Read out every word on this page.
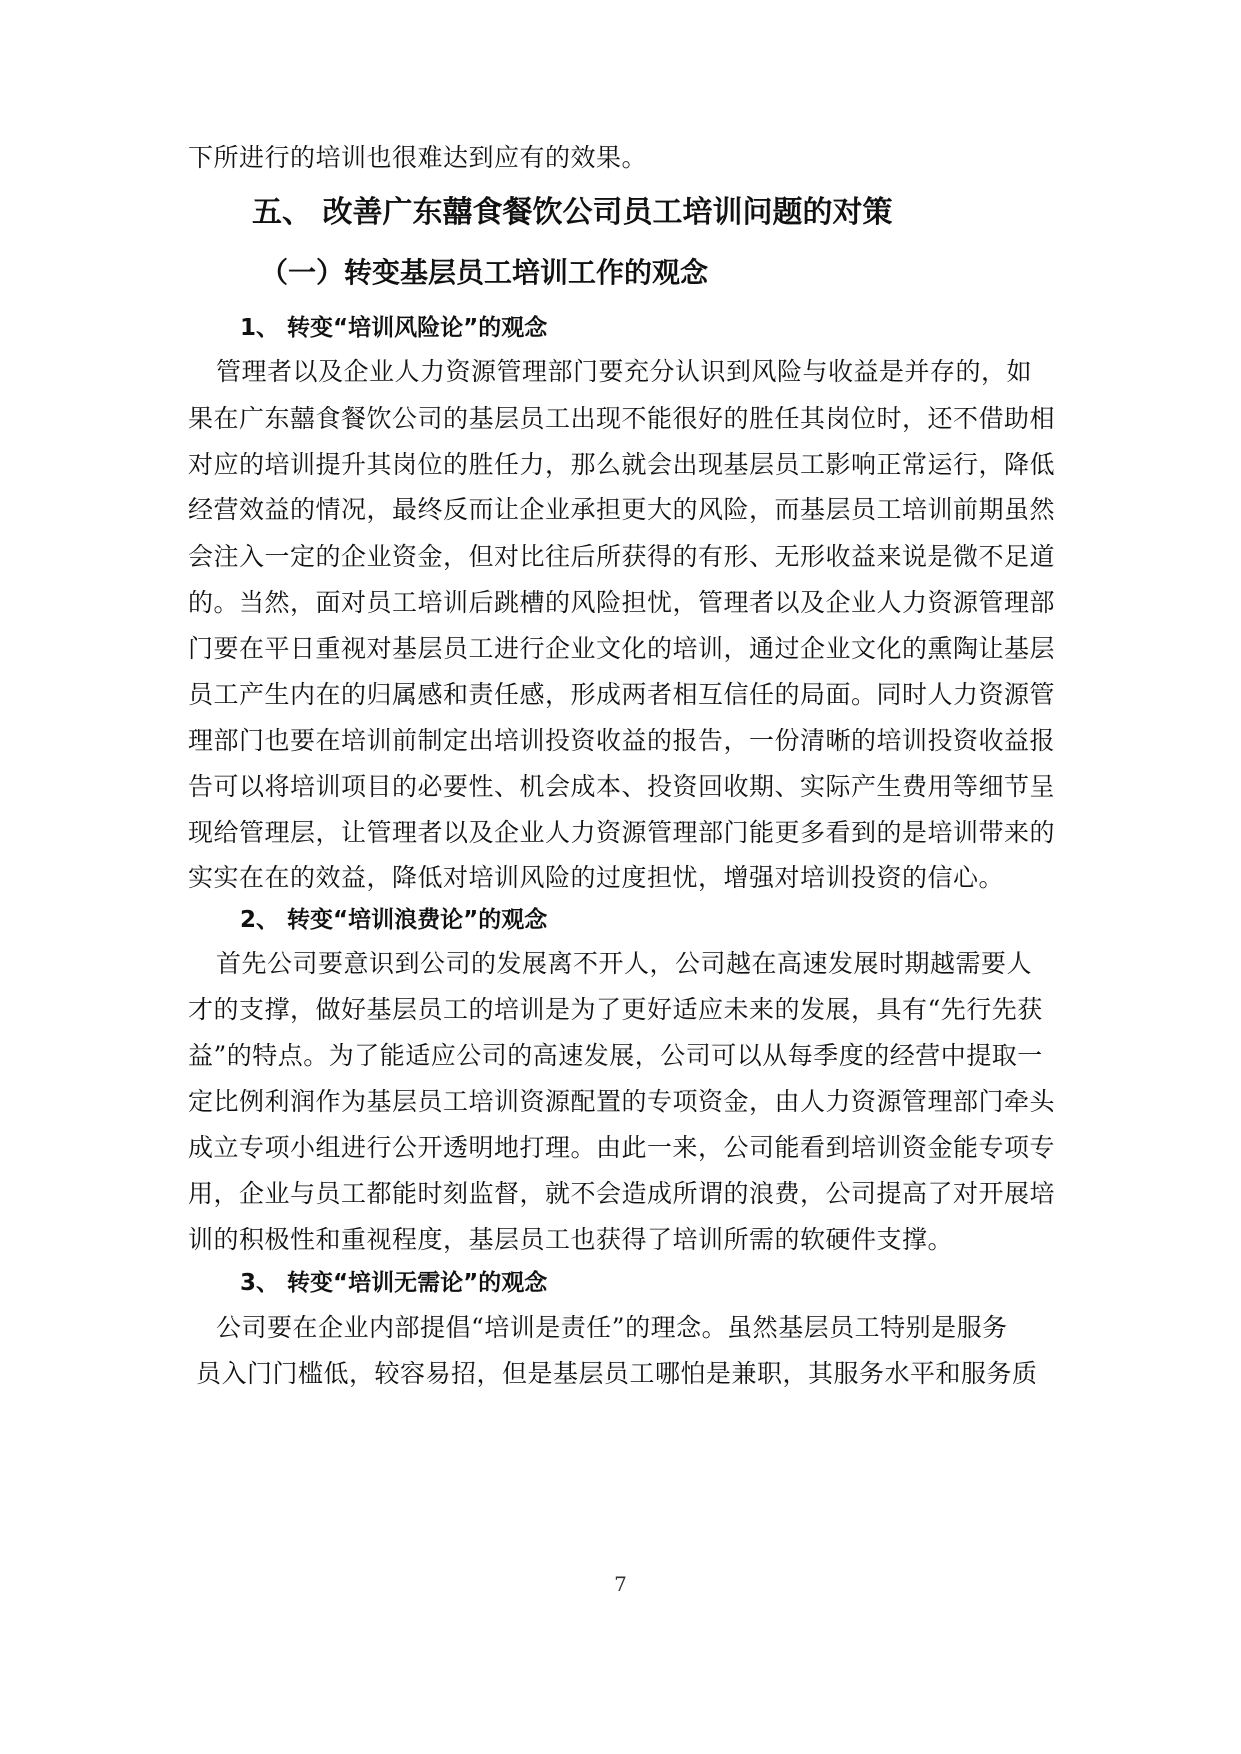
下所进行的培训也很难达到应有的效果。
五、 改善广东囍食餐饮公司员工培训问题的对策
（一）转变基层员工培训工作的观念
1、 转变“培训风险论”的观念
管理者以及企业人力资源管理部门要充分认识到风险与收益是并存的，如
果在广东囍食餐饮公司的基层员工出现不能很好的胜任其岗位时，还不借助相
对应的培训提升其岗位的胜任力，那么就会出现基层员工影响正常运行，降低
经营效益的情况，最终反而让企业承担更大的风险，而基层员工培训前期虽然
会注入一定的企业资金，但对比往后所获得的有形、无形收益来说是微不足道
的。当然，面对员工培训后跳槽的风险担忧，管理者以及企业人力资源管理部
门要在平日重视对基层员工进行企业文化的培训，通过企业文化的熏陶让基层
员工产生内在的归属感和责任感，形成两者相互信任的局面。同时人力资源管
理部门也要在培训前制定出培训投资收益的报告，一份清晰的培训投资收益报
告可以将培训项目的必要性、机会成本、投资回收期、实际产生费用等细节呈
现给管理层，让管理者以及企业人力资源管理部门能更多看到的是培训带来的
实实在在的效益，降低对培训风险的过度担忧，增强对培训投资的信心。
2、 转变“培训浪费论”的观念
首先公司要意识到公司的发展离不开人，公司越在高速发展时期越需要人
才的支撑，做好基层员工的培训是为了更好适应未来的发展，具有“先行先获
益”的特点。为了能适应公司的高速发展，公司可以从每季度的经营中提取一
定比例利润作为基层员工培训资源配置的专项资金，由人力资源管理部门牵头
成立专项小组进行公开透明地打理。由此一来，公司能看到培训资金能专项专
用，企业与员工都能时刻监督，就不会造成所谓的浪费，公司提高了对开展培
训的积极性和重视程度，基层员工也获得了培训所需的软硬件支撑。
3、 转变“培训无需论”的观念
公司要在企业内部提倡“培训是责任”的理念。虽然基层员工特别是服务
员入门门槛低，较容易招，但是基层员工哪怕是兼职，其服务水平和服务质
7
